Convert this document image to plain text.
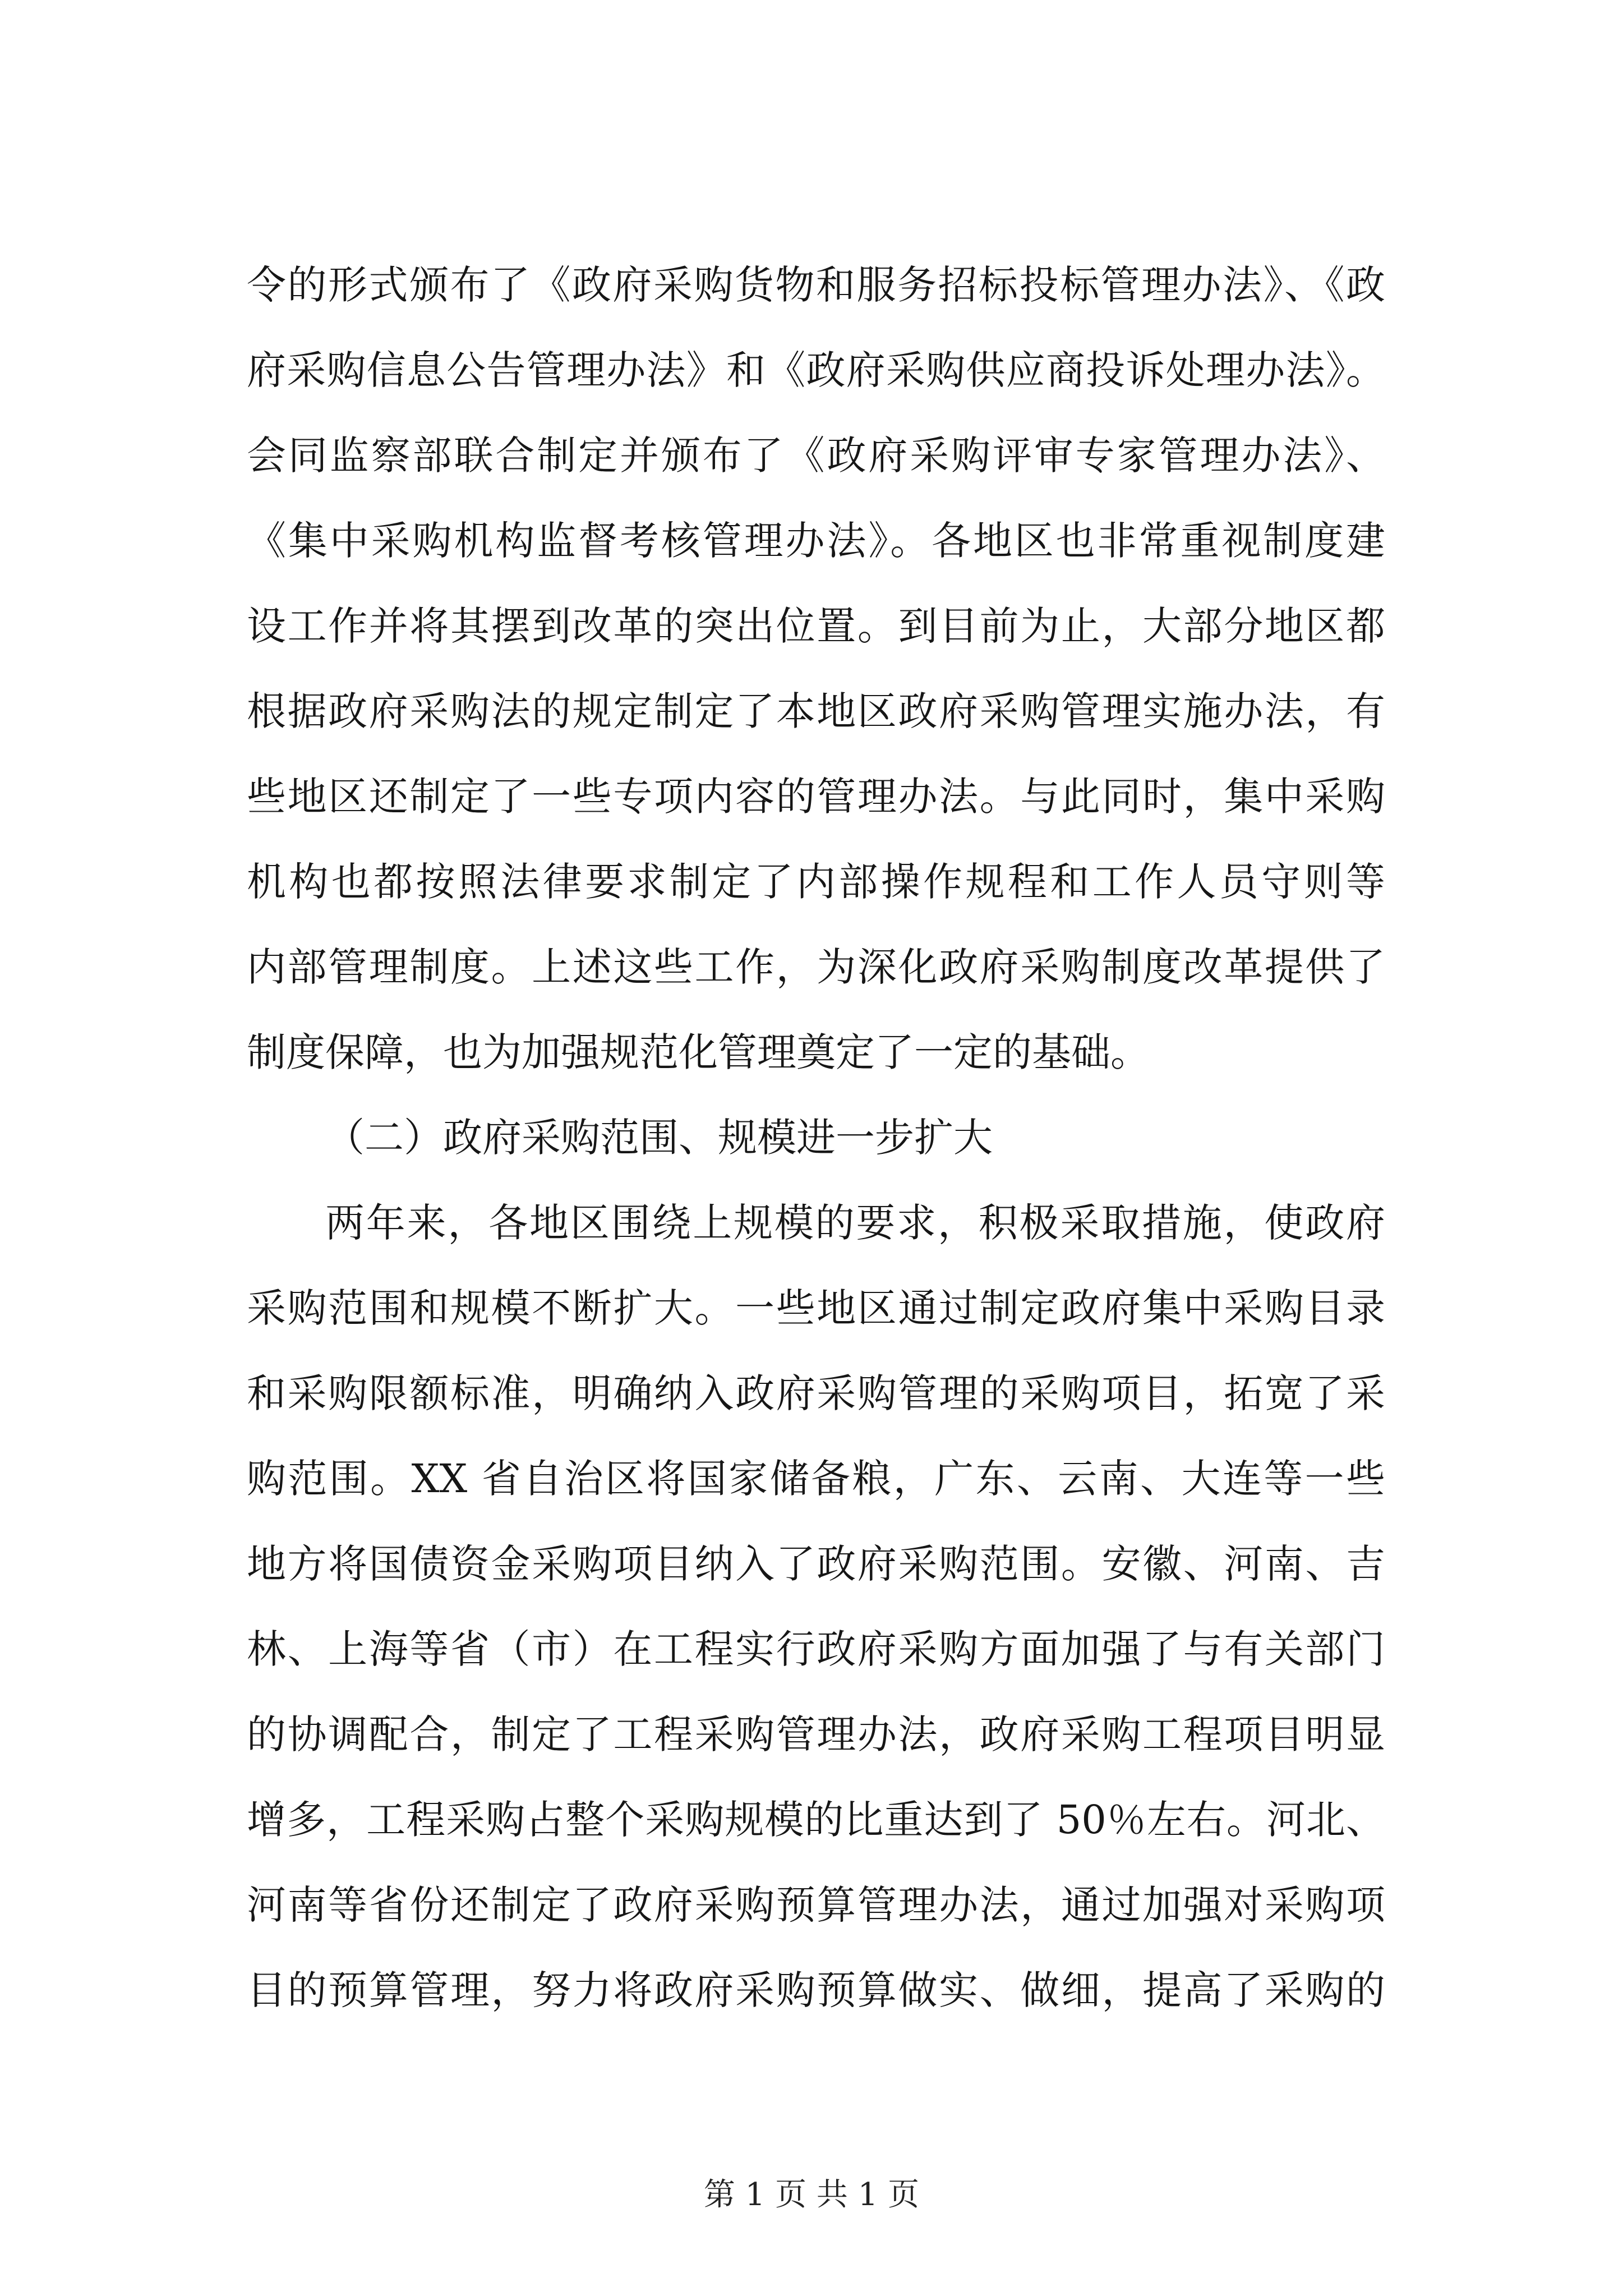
令的形式颁布了《政府采购货物和服务招标投标管理办法》、《政
府采购信息公告管理办法》和《政府采购供应商投诉处理办法》。
会同监察部联合制定并颁布了《政府采购评审专家管理办法》、
《集中采购机构监督考核管理办法》。各地区也非常重视制度建
设工作并将其摆到改革的突出位置。到目前为止，大部分地区都
根据政府采购法的规定制定了本地区政府采购管理实施办法，有
些地区还制定了一些专项内容的管理办法。与此同时，集中采购
机构也都按照法律要求制定了内部操作规程和工作人员守则等
内部管理制度。上述这些工作，为深化政府采购制度改革提供了
制度保障，也为加强规范化管理奠定了一定的基础。
（二）政府采购范围、规模进一步扩大
两年来，各地区围绕上规模的要求，积极采取措施，使政府
采购范围和规模不断扩大。一些地区通过制定政府集中采购目录
和采购限额标准，明确纳入政府采购管理的采购项目，拓宽了采
购范围。XX 省自治区将国家储备粮，广东、云南、大连等一些
地方将国债资金采购项目纳入了政府采购范围。安徽、河南、吉
林、上海等省（市）在工程实行政府采购方面加强了与有关部门
的协调配合，制定了工程采购管理办法，政府采购工程项目明显
增多，工程采购占整个采购规模的比重达到了 50％左右。河北、
河南等省份还制定了政府采购预算管理办法，通过加强对采购项
目的预算管理，努力将政府采购预算做实、做细，提高了采购的
第 1 页 共 1 页
